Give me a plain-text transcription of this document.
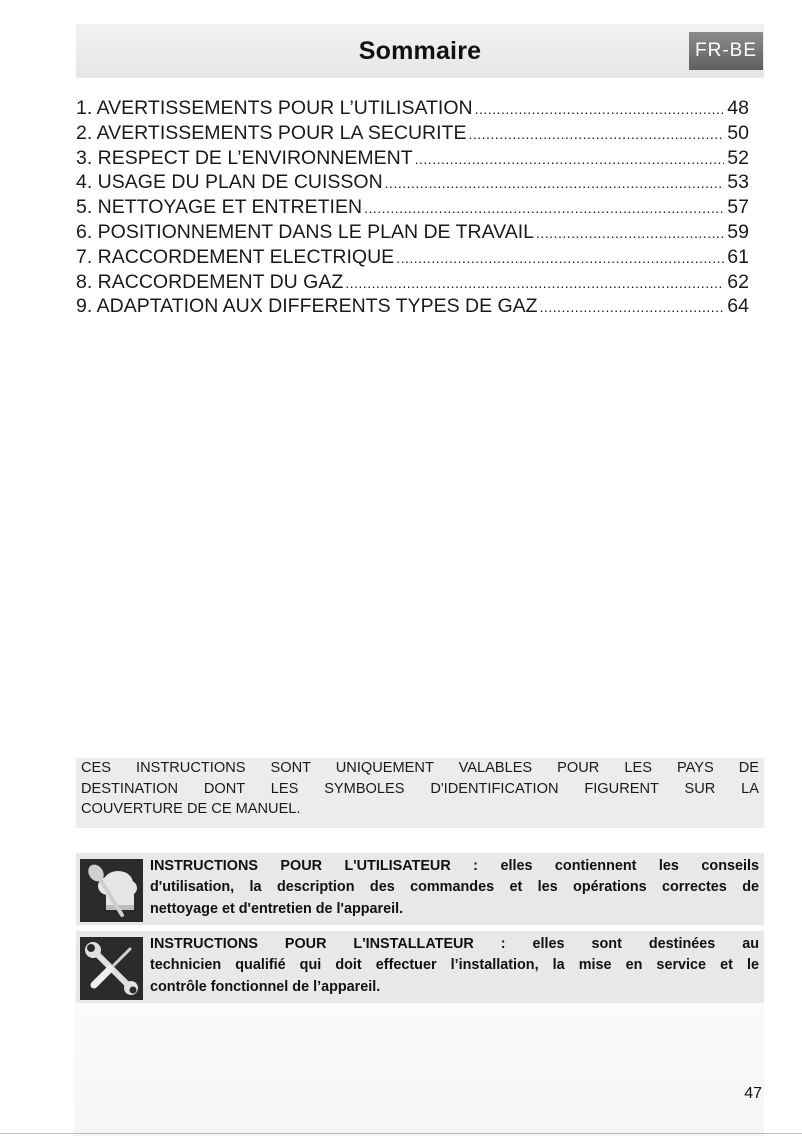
Sommaire	FR-BE
1. AVERTISSEMENTS POUR L’UTILISATION .....	48
2. AVERTISSEMENTS POUR LA SECURITE .....	50
3. RESPECT DE L’ENVIRONNEMENT .....	52
4. USAGE DU PLAN DE CUISSON .....	53
5. NETTOYAGE ET ENTRETIEN .....	57
6. POSITIONNEMENT DANS LE PLAN DE TRAVAIL .....	59
7. RACCORDEMENT ELECTRIQUE .....	61
8. RACCORDEMENT DU GAZ .....	62
9. ADAPTATION AUX DIFFERENTS TYPES DE GAZ .....	64
CES INSTRUCTIONS SONT UNIQUEMENT VALABLES POUR LES PAYS DE
DESTINATION DONT LES SYMBOLES D'IDENTIFICATION FIGURENT SUR LA
COUVERTURE DE CE MANUEL.
INSTRUCTIONS POUR L'UTILISATEUR : elles contiennent les conseils
d'utilisation, la description des commandes et les opérations correctes de
nettoyage et d'entretien de l'appareil.
INSTRUCTIONS POUR L'INSTALLATEUR : elles sont destinées au
technicien qualifié qui doit effectuer l’installation, la mise en service et le
contrôle fonctionnel de l’appareil.
47
